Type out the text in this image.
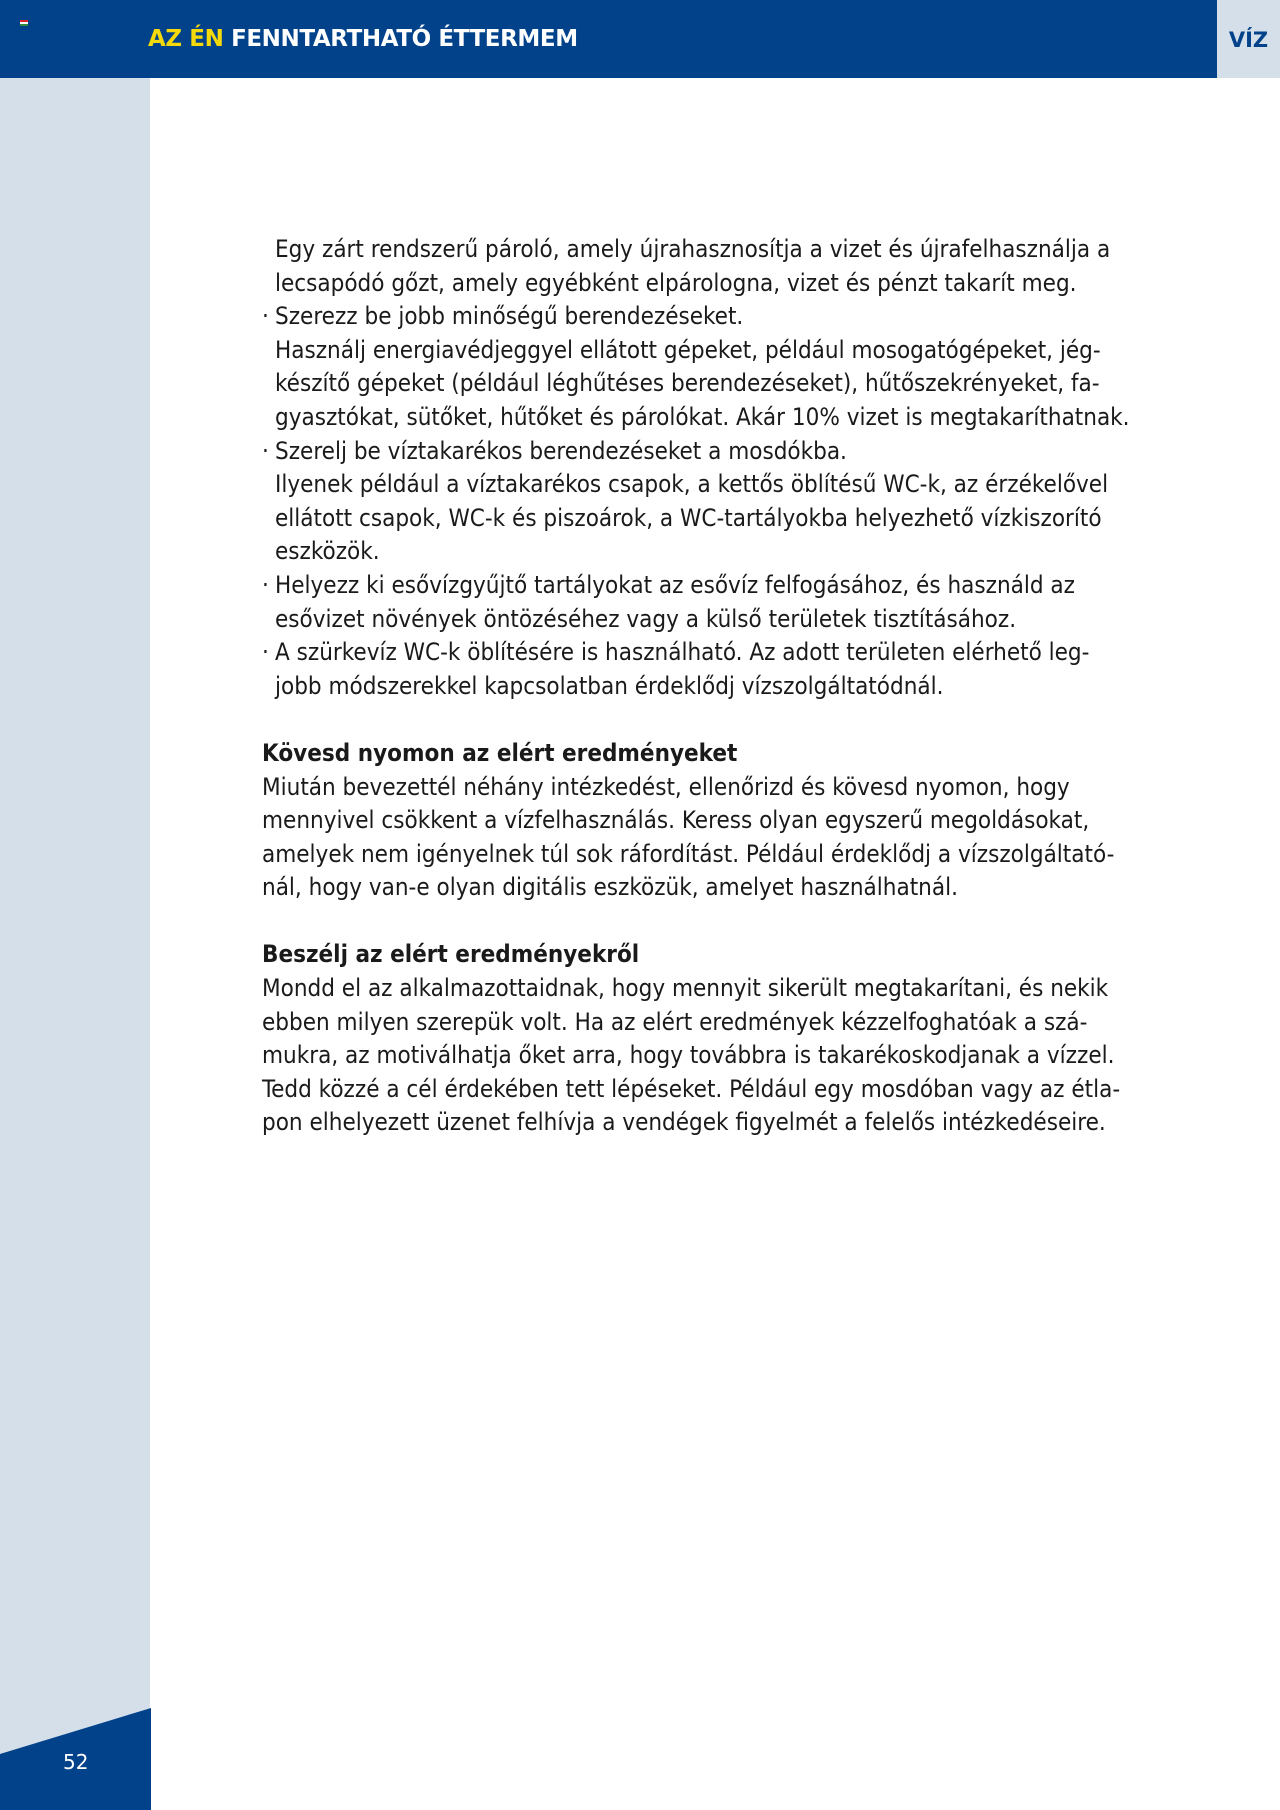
AZ ÉN FENNTARTHATÓ ÉTTERMEM	VÍZ
52

Egy zárt rendszerű pároló, amely újrahasznosítja a vizet és újrafelhasználja a
lecsapódó gőzt, amely egyébként elpárologna, vizet és pénzt takarít meg.

· Szerezz be jobb minőségű berendezéseket.

Használj energiavédjeggyel ellátott gépeket, például mosogatógépeket, jég-
készítő gépeket (például léghűtéses berendezéseket), hűtőszekrényeket, fa-
gyasztókat, sütőket, hűtőket és párolókat. Akár 10% vizet is megtakaríthatnak.

· Szerelj be víztakarékos berendezéseket a mosdókba.

Ilyenek például a víztakarékos csapok, a kettős öblítésű WC-k, az érzékelővel
ellátott csapok, WC-k és piszoárok, a WC-tartályokba helyezhető vízkiszorító
eszközök.

· Helyezz ki esővízgyűjtő tartályokat az esővíz felfogásához, és használd az
esővizet növények öntözéséhez vagy a külső területek tisztításához.

· A szürkevíz WC-k öblítésére is használható. Az adott területen elérhető leg-
jobb módszerekkel kapcsolatban érdeklődj vízszolgáltatódnál.

Kövesd nyomon az elért eredményeket

Miután bevezettél néhány intézkedést, ellenőrizd és kövesd nyomon, hogy
mennyivel csökkent a vízfelhasználás. Keress olyan egyszerű megoldásokat,
amelyek nem igényelnek túl sok ráfordítást. Például érdeklődj a vízszolgáltató-
nál, hogy van-e olyan digitális eszközük, amelyet használhatnál.

Beszélj az elért eredményekről

Mondd el az alkalmazottaidnak, hogy mennyit sikerült megtakarítani, és nekik
ebben milyen szerepük volt. Ha az elért eredmények kézzelfoghatóak a szá-
mukra, az motiválhatja őket arra, hogy továbbra is takarékoskodjanak a vízzel.
Tedd közzé a cél érdekében tett lépéseket. Például egy mosdóban vagy az étla-
pon elhelyezett üzenet felhívja a vendégek figyelmét a felelős intézkedéseire.
